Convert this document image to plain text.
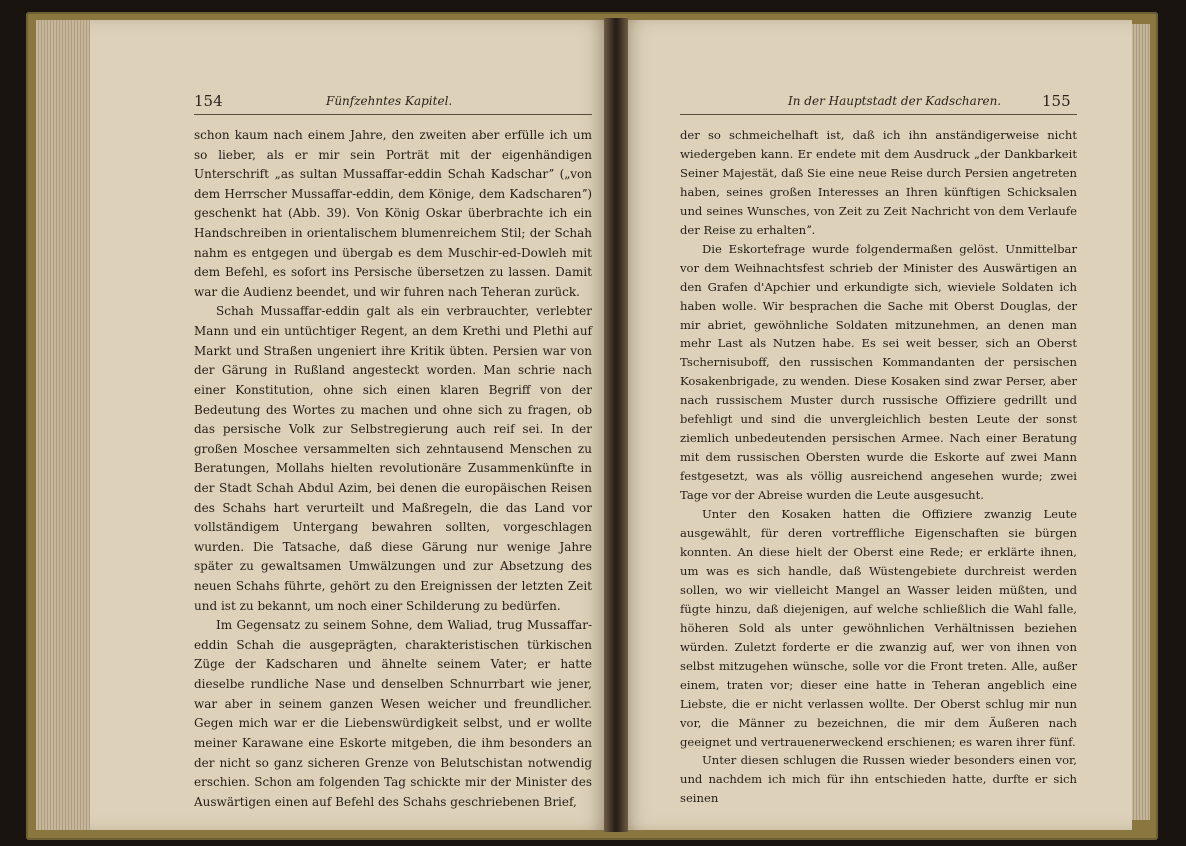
154	Fünfzehntes Kapitel.

schon kaum nach einem Jahre, den zweiten aber erfülle ich um so lieber, als er mir sein Porträt mit der eigenhändigen Unterschrift „as sultan Mussaffar-eddin Schah Kadscharˮ („von dem Herrscher Mussaffar-eddin, dem Könige, dem Kadscharenˮ) geschenkt hat (Abb. 39). Von König Oskar überbrachte ich ein Handschreiben in orientalischem blumenreichem Stil; der Schah nahm es entgegen und übergab es dem Muschir-ed-Dowleh mit dem Befehl, es sofort ins Persische übersetzen zu lassen. Damit war die Audienz beendet, und wir fuhren nach Teheran zurück.

Schah Mussaffar-eddin galt als ein verbrauchter, verlebter Mann und ein untüchtiger Regent, an dem Krethi und Plethi auf Markt und Straßen ungeniert ihre Kritik übten. Persien war von der Gärung in Rußland angesteckt worden. Man schrie nach einer Konstitution, ohne sich einen klaren Begriff von der Bedeutung des Wortes zu machen und ohne sich zu fragen, ob das persische Volk zur Selbstregierung auch reif sei. In der großen Moschee versammelten sich zehntausend Menschen zu Beratungen, Mollahs hielten revolutionäre Zusammenkünfte in der Stadt Schah Abdul Azim, bei denen die europäischen Reisen des Schahs hart verurteilt und Maßregeln, die das Land vor vollständigem Untergang bewahren sollten, vorgeschlagen wurden. Die Tatsache, daß diese Gärung nur wenige Jahre später zu gewaltsamen Umwälzungen und zur Absetzung des neuen Schahs führte, gehört zu den Ereignissen der letzten Zeit und ist zu bekannt, um noch einer Schilderung zu bedürfen.

Im Gegensatz zu seinem Sohne, dem Waliad, trug Mussaffar-eddin Schah die ausgeprägten, charakteristischen türkischen Züge der Kadscharen und ähnelte seinem Vater; er hatte dieselbe rundliche Nase und denselben Schnurrbart wie jener, war aber in seinem ganzen Wesen weicher und freundlicher. Gegen mich war er die Liebenswürdigkeit selbst, und er wollte meiner Karawane eine Eskorte mitgeben, die ihm besonders an der nicht so ganz sicheren Grenze von Belutschistan notwendig erschien. Schon am folgenden Tag schickte mir der Minister des Auswärtigen einen auf Befehl des Schahs geschriebenen Brief,

In der Hauptstadt der Kadscharen.	155

der so schmeichelhaft ist, daß ich ihn anständigerweise nicht wiedergeben kann. Er endete mit dem Ausdruck „der Dankbarkeit Seiner Majestät, daß Sie eine neue Reise durch Persien angetreten haben, seines großen Interesses an Ihren künftigen Schicksalen und seines Wunsches, von Zeit zu Zeit Nachricht von dem Verlaufe der Reise zu erhaltenˮ.

Die Eskortefrage wurde folgendermaßen gelöst. Unmittelbar vor dem Weihnachtsfest schrieb der Minister des Auswärtigen an den Grafen d'Apchier und erkundigte sich, wieviele Soldaten ich haben wolle. Wir besprachen die Sache mit Oberst Douglas, der mir abriet, gewöhnliche Soldaten mitzunehmen, an denen man mehr Last als Nutzen habe. Es sei weit besser, sich an Oberst Tschernisuboff, den russischen Kommandanten der persischen Kosakenbrigade, zu wenden. Diese Kosaken sind zwar Perser, aber nach russischem Muster durch russische Offiziere gedrillt und befehligt und sind die unvergleichlich besten Leute der sonst ziemlich unbedeutenden persischen Armee. Nach einer Beratung mit dem russischen Obersten wurde die Eskorte auf zwei Mann festgesetzt, was als völlig ausreichend angesehen wurde; zwei Tage vor der Abreise wurden die Leute ausgesucht.

Unter den Kosaken hatten die Offiziere zwanzig Leute ausgewählt, für deren vortreffliche Eigenschaften sie bürgen konnten. An diese hielt der Oberst eine Rede; er erklärte ihnen, um was es sich handle, daß Wüstengebiete durchreist werden sollen, wo wir vielleicht Mangel an Wasser leiden müßten, und fügte hinzu, daß diejenigen, auf welche schließlich die Wahl falle, höheren Sold als unter gewöhnlichen Verhältnissen beziehen würden. Zuletzt forderte er die zwanzig auf, wer von ihnen von selbst mitzugehen wünsche, solle vor die Front treten. Alle, außer einem, traten vor; dieser eine hatte in Teheran angeblich eine Liebste, die er nicht verlassen wollte. Der Oberst schlug mir nun vor, die Männer zu bezeichnen, die mir dem Äußeren nach geeignet und vertrauenerweckend erschienen; es waren ihrer fünf.

Unter diesen schlugen die Russen wieder besonders einen vor, und nachdem ich mich für ihn entschieden hatte, durfte er sich seinen
